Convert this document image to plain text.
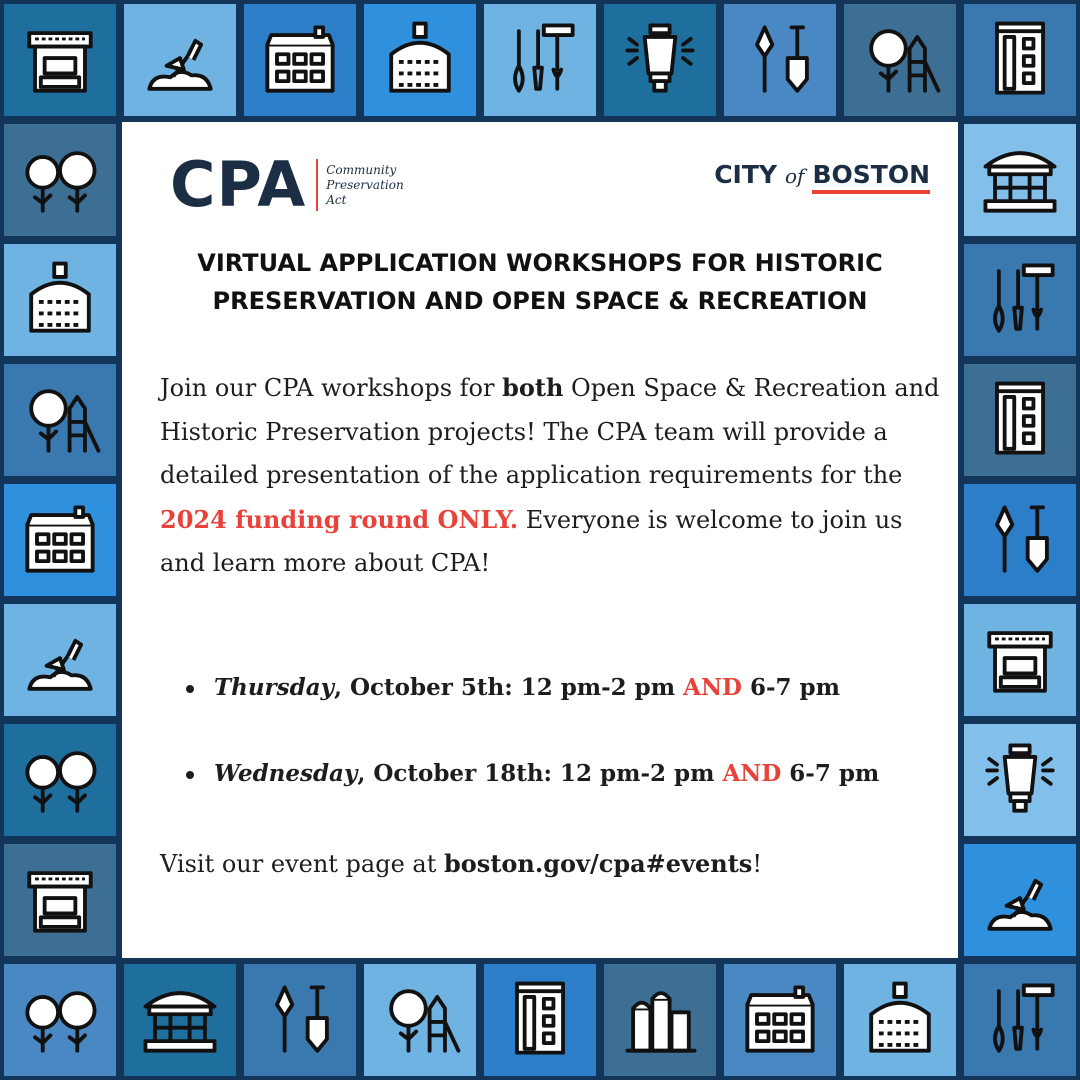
CPA Community
Preservation
Act
CITY of BOSTON
VIRTUAL APPLICATION WORKSHOPS FOR HISTORIC PRESERVATION AND OPEN SPACE & RECREATION

Join our CPA workshops for both Open Space & Recreation and Historic Preservation projects! The CPA team will provide a detailed presentation of the application requirements for the 2024 funding round ONLY. Everyone is welcome to join us and learn more about CPA!

Thursday, October 5th: 12 pm-2 pm AND 6-7 pm
Wednesday, October 18th: 12 pm-2 pm AND 6-7 pm

Visit our event page at boston.gov/cpa#events!
